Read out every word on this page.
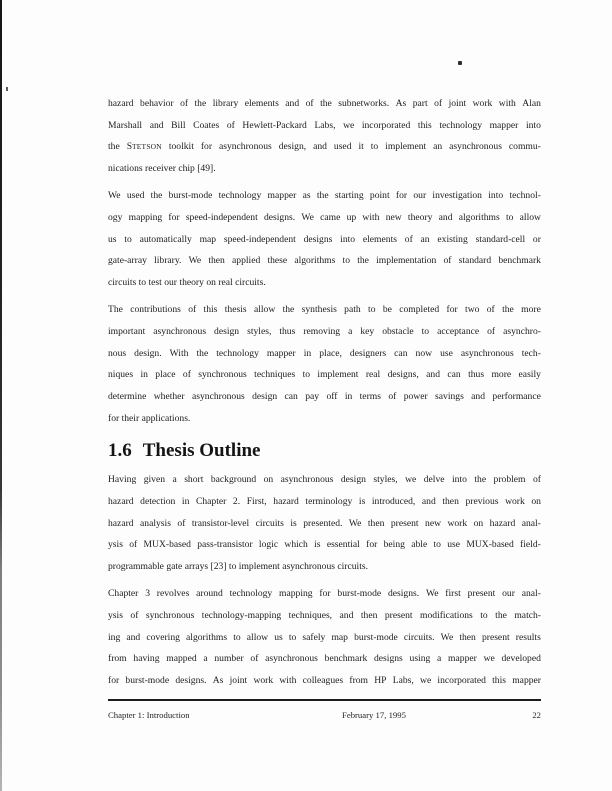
hazard behavior of the library elements and of the subnetworks. As part of joint work with Alan
Marshall and Bill Coates of Hewlett-Packard Labs, we incorporated this technology mapper into
the STETSON toolkit for asynchronous design, and used it to implement an asynchronous commu-
nications receiver chip [49].
We used the burst-mode technology mapper as the starting point for our investigation into technol-
ogy mapping for speed-independent designs. We came up with new theory and algorithms to allow
us to automatically map speed-independent designs into elements of an existing standard-cell or
gate-array library. We then applied these algorithms to the implementation of standard benchmark
circuits to test our theory on real circuits.
The contributions of this thesis allow the synthesis path to be completed for two of the more
important asynchronous design styles, thus removing a key obstacle to acceptance of asynchro-
nous design. With the technology mapper in place, designers can now use asynchronous tech-
niques in place of synchronous techniques to implement real designs, and can thus more easily
determine whether asynchronous design can pay off in terms of power savings and performance
for their applications.
1.6 Thesis Outline
Having given a short background on asynchronous design styles, we delve into the problem of
hazard detection in Chapter 2. First, hazard terminology is introduced, and then previous work on
hazard analysis of transistor-level circuits is presented. We then present new work on hazard anal-
ysis of MUX-based pass-transistor logic which is essential for being able to use MUX-based field-
programmable gate arrays [23] to implement asynchronous circuits.
Chapter 3 revolves around technology mapping for burst-mode designs. We first present our anal-
ysis of synchronous technology-mapping techniques, and then present modifications to the match-
ing and covering algorithms to allow us to safely map burst-mode circuits. We then present results
from having mapped a number of asynchronous benchmark designs using a mapper we developed
for burst-mode designs. As joint work with colleagues from HP Labs, we incorporated this mapper
Chapter 1: Introduction	February 17, 1995	22
